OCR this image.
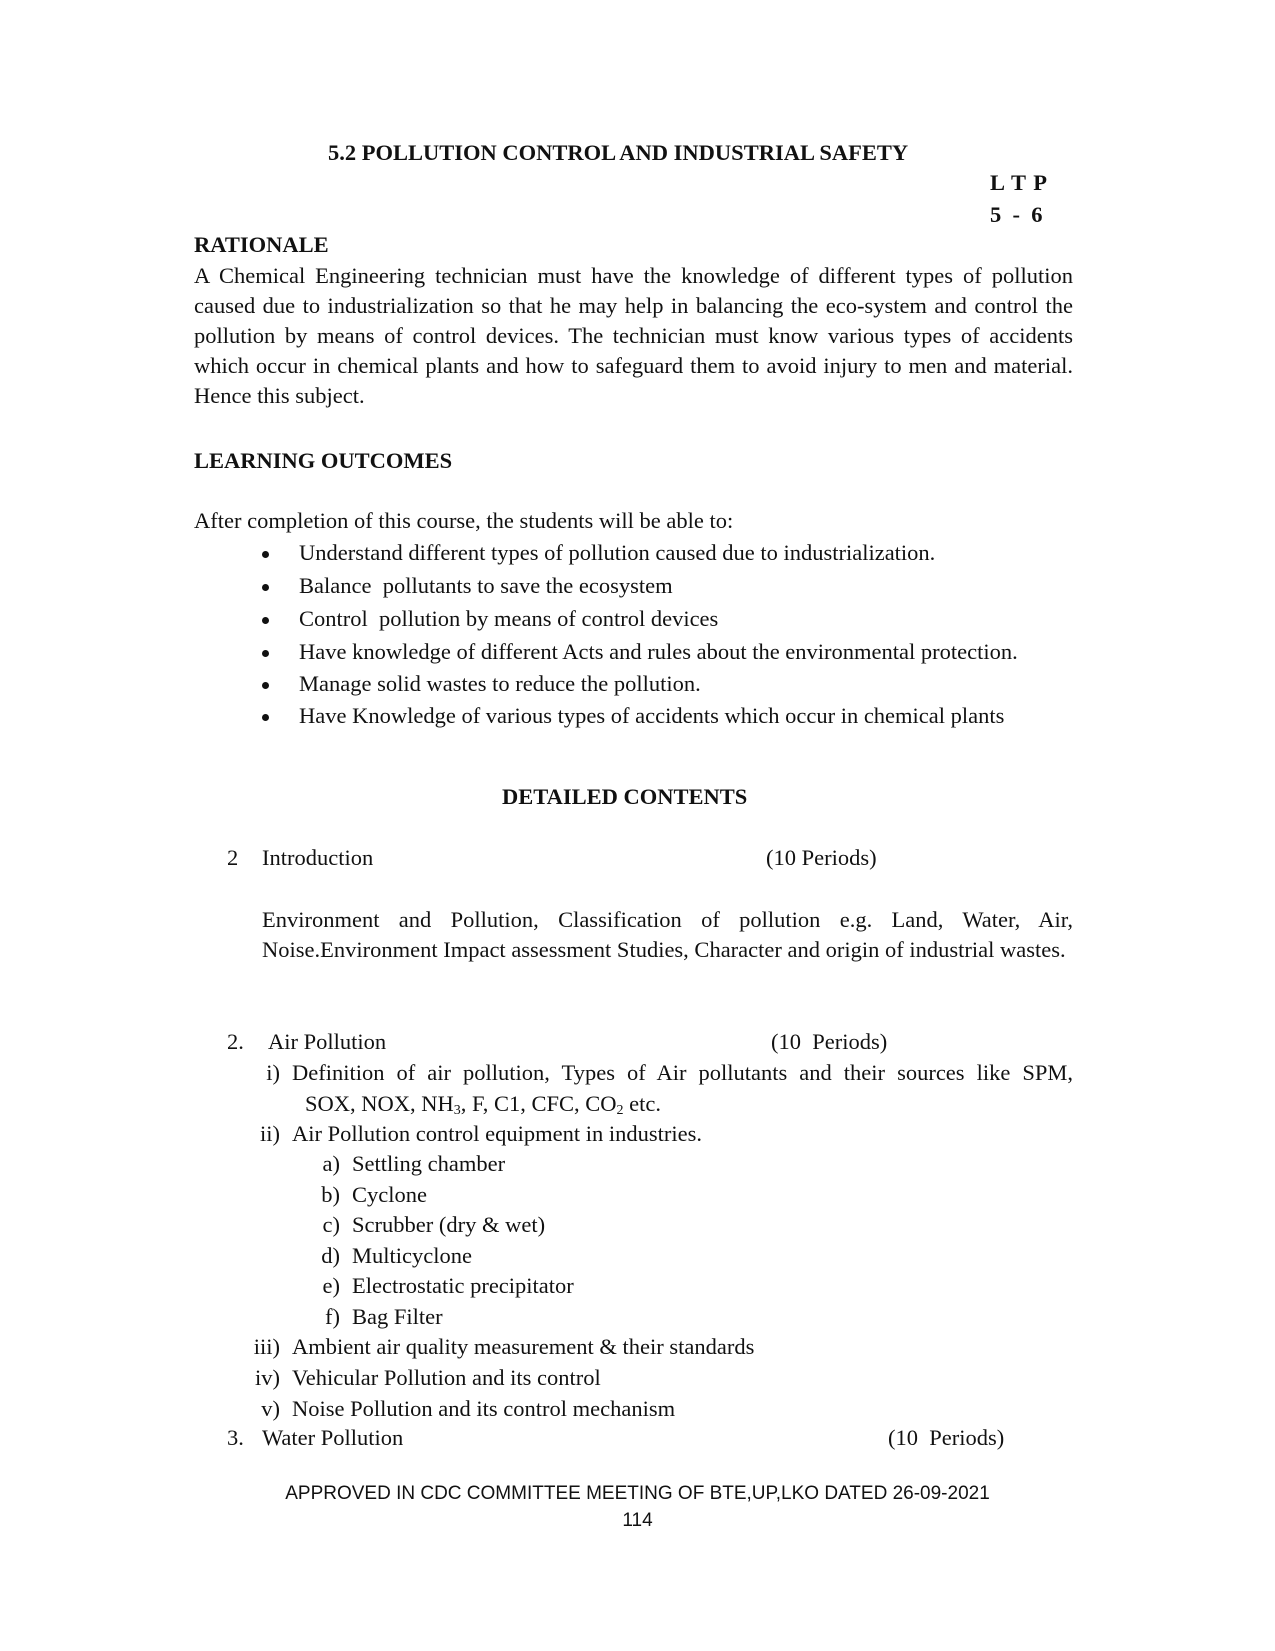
5.2 POLLUTION CONTROL AND INDUSTRIAL SAFETY
L T P
5  -  6
RATIONALE
A Chemical Engineering technician must have the knowledge of different types of pollution caused due to industrialization so that he may help in balancing the eco-system and control the pollution by means of control devices. The technician must know various types of accidents which occur in chemical plants and how to safeguard them to avoid injury to men and material. Hence this subject.
LEARNING OUTCOMES
After completion of this course, the students will be able to:
Understand different types of pollution caused due to industrialization.
Balance  pollutants to save the ecosystem
Control  pollution by means of control devices
Have knowledge of different Acts and rules about the environmental protection.
Manage solid wastes to reduce the pollution.
Have Knowledge of various types of accidents which occur in chemical plants
DETAILED CONTENTS
2 Introduction	(10 Periods)
Environment and Pollution, Classification of pollution e.g. Land, Water, Air, Noise.Environment Impact assessment Studies, Character and origin of industrial wastes.
2. Air Pollution	(10  Periods)
i) Definition of air pollution, Types of Air pollutants and their sources like SPM,
SOX, NOX, $NH_3$, F, C1, CFC, $CO_2$ etc.
ii) Air Pollution control equipment in industries.
a) Settling chamber
b) Cyclone
c) Scrubber (dry & wet)
d) Multicyclone
e) Electrostatic precipitator
f) Bag Filter
iii) Ambient air quality measurement & their standards
iv) Vehicular Pollution and its control
v) Noise Pollution and its control mechanism
3. Water Pollution	(10  Periods)
APPROVED IN CDC COMMITTEE MEETING OF BTE,UP,LKO DATED 26-09-2021
114
